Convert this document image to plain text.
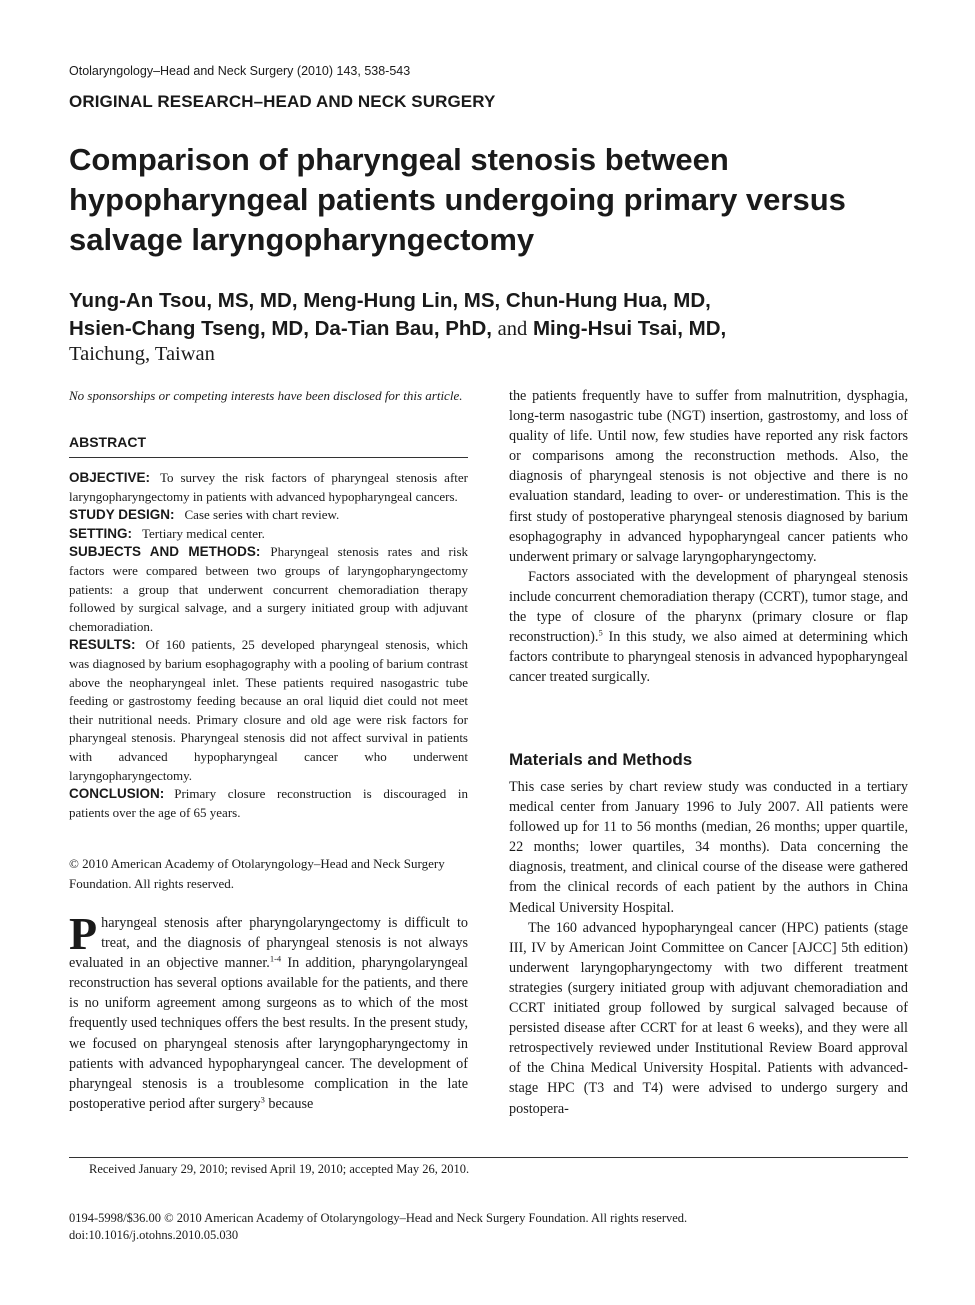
Otolaryngology–Head and Neck Surgery (2010) 143, 538-543
ORIGINAL RESEARCH–HEAD AND NECK SURGERY
Comparison of pharyngeal stenosis between hypopharyngeal patients undergoing primary versus salvage laryngopharyngectomy
Yung-An Tsou, MS, MD, Meng-Hung Lin, MS, Chun-Hung Hua, MD,
Hsien-Chang Tseng, MD, Da-Tian Bau, PhD, and Ming-Hsui Tsai, MD,
Taichung, Taiwan
No sponsorships or competing interests have been disclosed for this article.
ABSTRACT

OBJECTIVE: To survey the risk factors of pharyngeal stenosis after laryngopharyngectomy in patients with advanced hypopharyngeal cancers.

STUDY DESIGN: Case series with chart review.

SETTING: Tertiary medical center.

SUBJECTS AND METHODS: Pharyngeal stenosis rates and risk factors were compared between two groups of laryngopharyngectomy patients: a group that underwent concurrent chemoradiation therapy followed by surgical salvage, and a surgery initiated group with adjuvant chemoradiation.

RESULTS: Of 160 patients, 25 developed pharyngeal stenosis, which was diagnosed by barium esophagography with a pooling of barium contrast above the neopharyngeal inlet. These patients required nasogastric tube feeding or gastrostomy feeding because an oral liquid diet could not meet their nutritional needs. Primary closure and old age were risk factors for pharyngeal stenosis. Pharyngeal stenosis did not affect survival in patients with advanced hypopharyngeal cancer who underwent laryngopharyngectomy.

CONCLUSION: Primary closure reconstruction is discouraged in patients over the age of 65 years.

© 2010 American Academy of Otolaryngology–Head and Neck Surgery Foundation. All rights reserved.

Pharyngeal stenosis after pharyngolaryngectomy is difficult to treat, and the diagnosis of pharyngeal stenosis is not always evaluated in an objective manner.$^{1-4}$ In addition, pharyngolaryngeal reconstruction has several options available for the patients, and there is no uniform agreement among surgeons as to which of the most frequently used techniques offers the best results. In the present study, we focused on pharyngeal stenosis after laryngopharyngectomy in patients with advanced hypopharyngeal cancer. The development of pharyngeal stenosis is a troublesome complication in the late postoperative period after surgery$^3$ because

the patients frequently have to suffer from malnutrition, dysphagia, long-term nasogastric tube (NGT) insertion, gastrostomy, and loss of quality of life. Until now, few studies have reported any risk factors or comparisons among the reconstruction methods. Also, the diagnosis of pharyngeal stenosis is not objective and there is no evaluation standard, leading to over- or underestimation. This is the first study of postoperative pharyngeal stenosis diagnosed by barium esophagography in advanced hypopharyngeal cancer patients who underwent primary or salvage laryngopharyngectomy.

Factors associated with the development of pharyngeal stenosis include concurrent chemoradiation therapy (CCRT), tumor stage, and the type of closure of the pharynx (primary closure or flap reconstruction).$^5$ In this study, we also aimed at determining which factors contribute to pharyngeal stenosis in advanced hypopharyngeal cancer treated surgically.

Materials and Methods

This case series by chart review study was conducted in a tertiary medical center from January 1996 to July 2007. All patients were followed up for 11 to 56 months (median, 26 months; upper quartile, 22 months; lower quartiles, 34 months). Data concerning the diagnosis, treatment, and clinical course of the disease were gathered from the clinical records of each patient by the authors in China Medical University Hospital.

The 160 advanced hypopharyngeal cancer (HPC) patients (stage III, IV by American Joint Committee on Cancer [AJCC] 5th edition) underwent laryngopharyngectomy with two different treatment strategies (surgery initiated group with adjuvant chemoradiation and CCRT initiated group followed by surgical salvaged because of persisted disease after CCRT for at least 6 weeks), and they were all retrospectively reviewed under Institutional Review Board approval of the China Medical University Hospital. Patients with advanced-stage HPC (T3 and T4) were advised to undergo surgery and postopera-

Received January 29, 2010; revised April 19, 2010; accepted May 26, 2010.
0194-5998/$36.00 © 2010 American Academy of Otolaryngology–Head and Neck Surgery Foundation. All rights reserved.
doi:10.1016/j.otohns.2010.05.030
